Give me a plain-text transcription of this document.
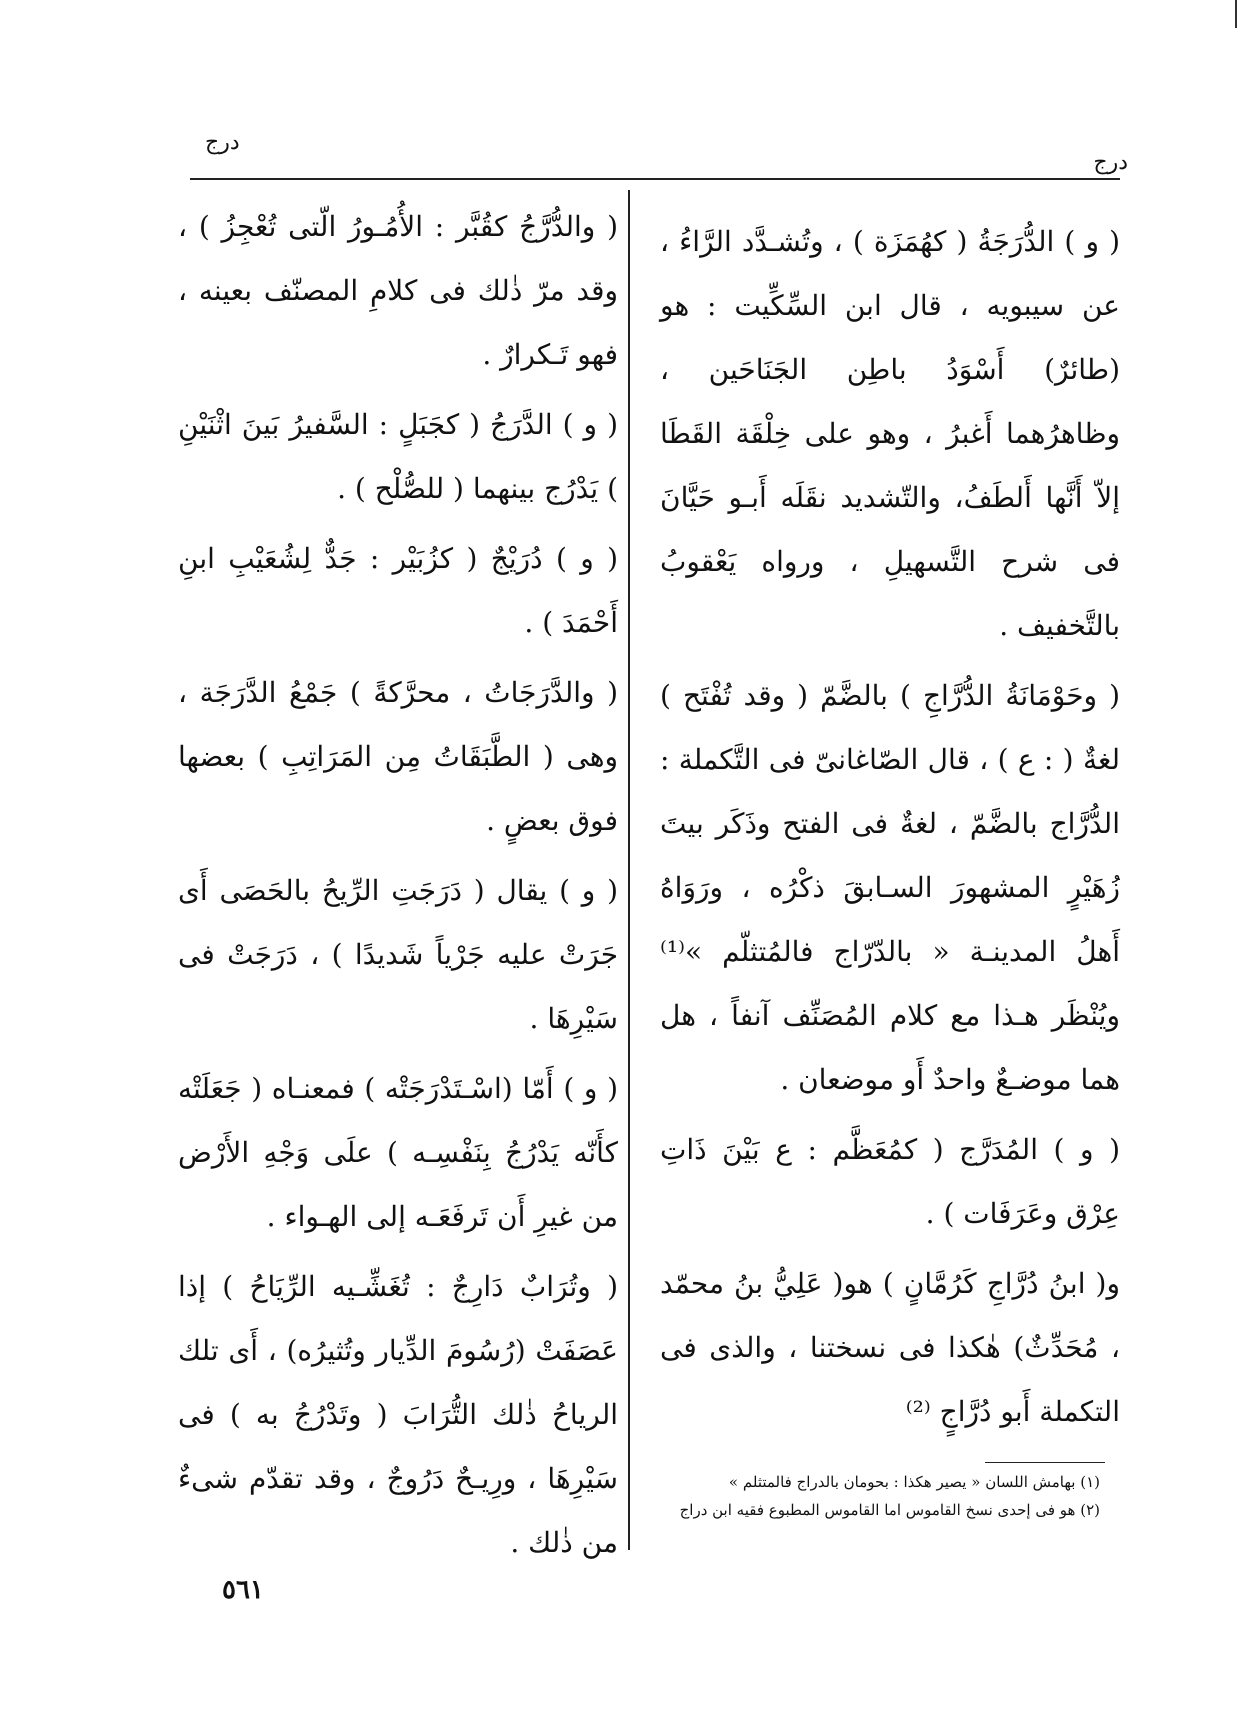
درج
درج

( و ) الدُّرَجَةُ ( كهُمَزَة ) ، وتُشـدَّد الرَّاءُ ، عن سيبويه ، قال ابن السِّكِّيت : هو (طائرٌ) أَسْوَدُ باطِن الجَنَاحَين ، وظاهرُهما أَغبرُ ، وهو على خِلْقَة القَطَا إلاّ أَنَّها أَلطَفُ، والتّشديد نقَلَه أَبـو حَيَّانَ فى شرح التَّسهيلِ ، ورواه يَعْقوبُ بالتَّخفيف .

( وحَوْمَانَةُ الدُّرَّاجِ ) بالضَّمّ ( وقد تُفْتَح ) لغةٌ ( : ع ) ، قال الصّاغانىّ فى التَّكملة : الدُّرَّاج بالضَّمّ ، لغةٌ فى الفتح وذَكَر بيتَ زُهَيْرٍ المشهورَ السـابقَ ذكْرُه ، ورَوَاهُ أَهلُ المدينـة « بالدّرّاج فالمُتثلّم »⁽¹⁾ ويُنْظَر هـذا مع كلام المُصَنِّف آنفاً ، هل هما موضـعٌ واحدٌ أَو موضعان .

( و ) المُدَرَّج ( كمُعَظَّم : ع بَيْنَ ذَاتِ عِرْق وعَرَفَات ) .

و( ابنُ دُرَّاجِ كَرُمَّانٍ ) هو( عَلِيُّ بنُ محمّد ، مُحَدِّثٌ) هٰكذا فى نسختنا ، والذى فى التكملة أَبو دُرَّاجٍ ⁽²⁾

( والدُّرَّجُ كقُبَّر : الأُمُـورُ الّتى تُعْجِزُ ) ، وقد مرّ ذٰلك فى كلامِ المصنّف بعينه ، فهو تَـكرارٌ .

( و ) الدَّرَجُ ( كجَبَلٍ : السَّفيرُ بَينَ اثْنَيْنِ ) يَدْرُج بينهما ( للصُّلْح ) .

( و ) دُرَيْجٌ ( كزُبَيْر : جَدٌّ لِشُعَيْبِ ابنِ أَحْمَدَ ) .

( والدَّرَجَاتُ ، محرَّكةً ) جَمْعُ الدَّرَجَة ، وهى ( الطَّبَقَاتُ مِن المَرَاتِبِ ) بعضها فوق بعضٍ .

( و ) يقال ( دَرَجَتِ الرِّيحُ بالحَصَى أَى جَرَتْ عليه جَرْياً شَديدًا ) ، دَرَجَتْ فى سَيْرِهَا .

( و ) أَمّا (اسْـتَدْرَجَتْه ) فمعنـاه ( جَعَلَتْه كأَنّه يَدْرُجُ بِنَفْسِـه ) علَى وَجْهِ الأَرْض من غيرِ أَن تَرفَعَـه إلى الهـواء .

( وتُرَابٌ دَارِجٌ : تُغَشِّـيه الرِّيَاحُ ) إذا عَصَفَتْ (رُسُومَ الدِّيار وتُثيرُه) ، أَى تلك الرياحُ ذٰلك التُّرَابَ ( وتَدْرُجُ به ) فى سَيْرِهَا ، ورِيـحٌ دَرُوجٌ ، وقد تقدّم شىءٌ من ذٰلك .

(١) بهامش اللسان « يصير هكذا : بحومان بالدراج فالمتثلم »
(٢) هو فى إحدى نسخ القاموس اما القاموس المطبوع فقيه ابن دراج
٥٦١
